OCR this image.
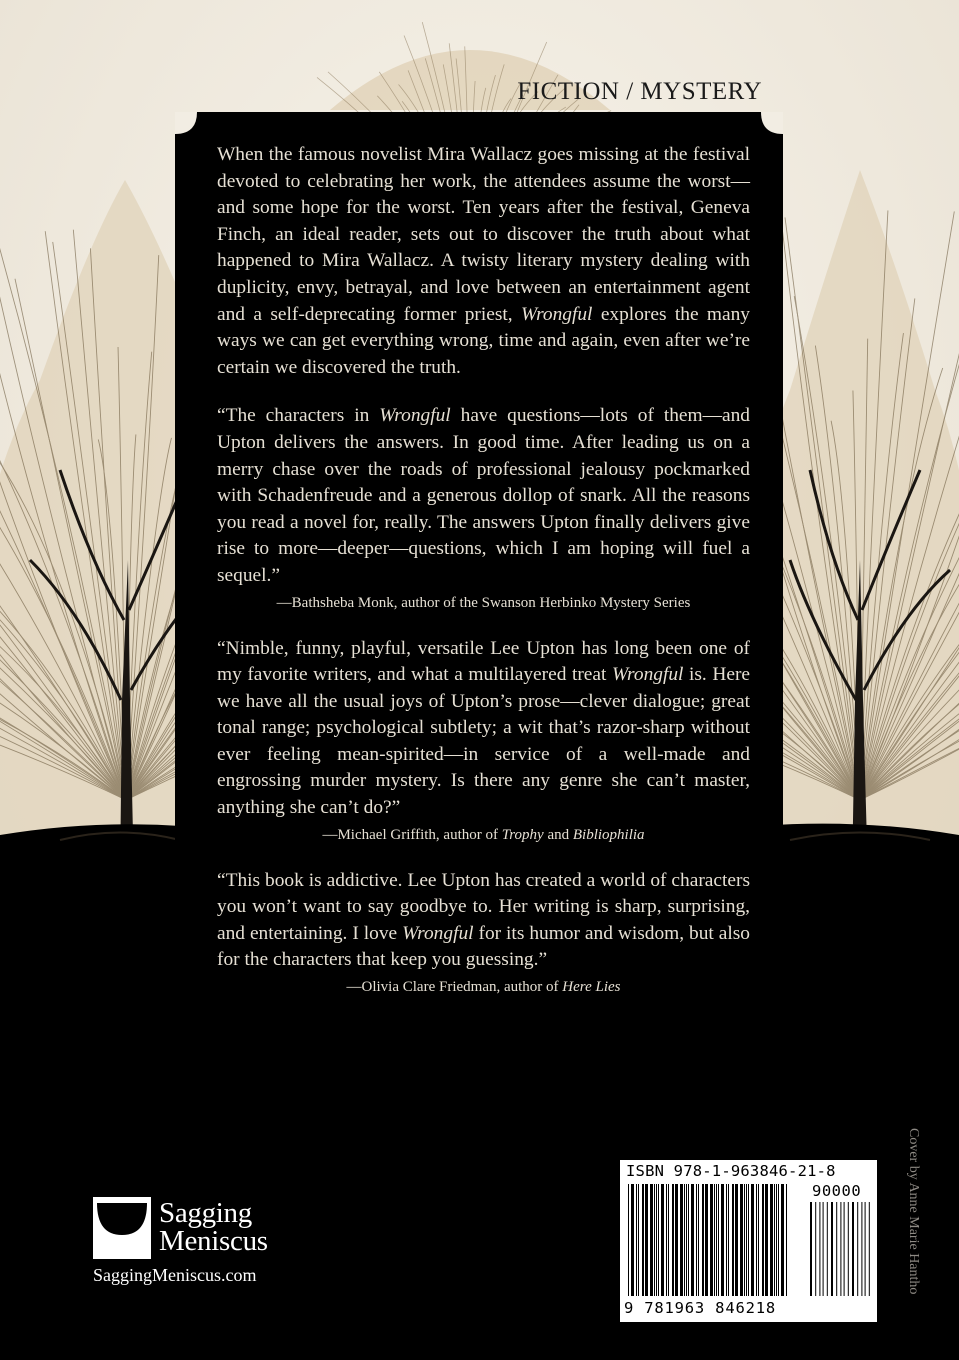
FICTION / MYSTERY

When the famous novelist Mira Wallacz goes missing at the festival devoted to celebrating her work, the attendees assume the worst—and some hope for the worst. Ten years after the festival, Geneva Finch, an ideal reader, sets out to discover the truth about what happened to Mira Wallacz. A twisty literary mystery dealing with duplicity, envy, betrayal, and love between an entertainment agent and a self-deprecating former priest, Wrongful explores the many ways we can get everything wrong, time and again, even after we’re certain we discovered the truth.

“The characters in Wrongful have questions—lots of them—and Upton delivers the answers. In good time. After leading us on a merry chase over the roads of professional jealousy pockmarked with Schadenfreude and a generous dollop of snark. All the reasons you read a novel for, really. The answers Upton finally delivers give rise to more—deeper—questions, which I am hoping will fuel a sequel.”

—Bathsheba Monk, author of the Swanson Herbinko Mystery Series

“Nimble, funny, playful, versatile Lee Upton has long been one of my favorite writers, and what a multilayered treat Wrongful is. Here we have all the usual joys of Upton’s prose—clever dialogue; great tonal range; psychological subtlety; a wit that’s razor-sharp without ever feeling mean-spirited—in service of a well-made and engrossing murder mystery. Is there any genre she can’t master, anything she can’t do?”

—Michael Griffith, author of Trophy and Bibliophilia

“This book is addictive. Lee Upton has created a world of characters you won’t want to say goodbye to. Her writing is sharp, surprising, and entertaining. I love Wrongful for its humor and wisdom, but also for the characters that keep you guessing.”

—Olivia Clare Friedman, author of Here Lies

Sagging
Meniscus
SaggingMeniscus.com
ISBN 978-1-963846-21-8
90000
9 781963 846218
Cover by Anne Marie Hantho
